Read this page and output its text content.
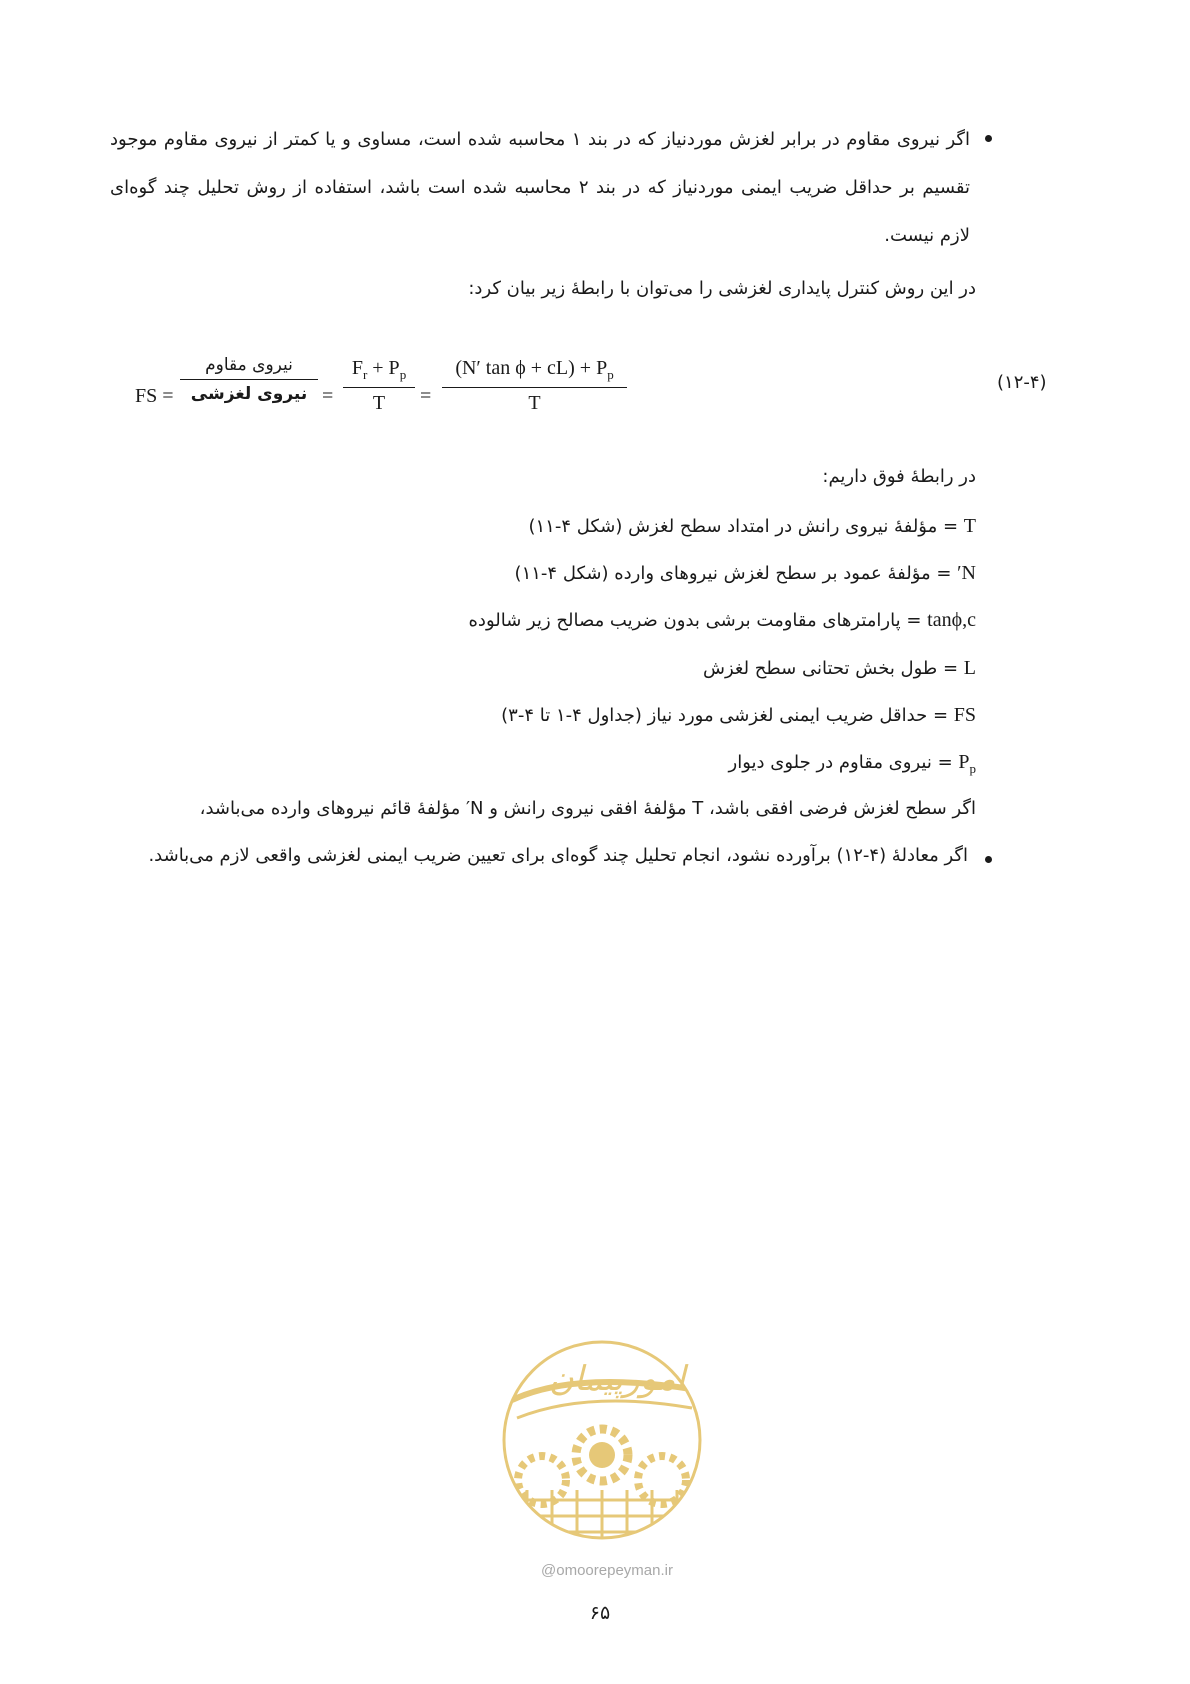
اگر نیروی مقاوم در برابر لغزش موردنیاز که در بند ۱ محاسبه شده است، مساوی و یا کمتر از نیروی مقاوم موجود تقسیم بر حداقل ضریب ایمنی موردنیاز که در بند ۲ محاسبه شده است باشد، استفاده از روش تحلیل چند گوه‌ای لازم نیست.
در این روش کنترل پایداری لغزشی را می‌توان با رابطهٔ زیر بیان کرد:
FS =
نیروی مقاوم
نیروی لغزشی =
$F_r + P_p$
T	=
(N′ $\tan \phi + cL) + P_p$
T
(۱۲-۴)
در رابطهٔ فوق داریم:
T = مؤلفهٔ نیروی رانش در امتداد سطح لغزش (شکل ۴-۱۱)
N′ = مؤلفهٔ عمود بر سطح لغزش نیروهای وارده (شکل ۴-۱۱)
tanϕ,c = پارامترهای مقاومت برشی بدون ضریب مصالح زیر شالوده
L = طول بخش تحتانی سطح لغزش
FS = حداقل ضریب ایمنی لغزشی مورد نیاز (جداول ۴-۱ تا ۴-۳)
$P_p$ = نیروی مقاوم در جلوی دیوار
اگر سطح لغزش فرضی افقی باشد، T مؤلفهٔ افقی نیروی رانش و N′ مؤلفهٔ قائم نیروهای وارده می‌باشد،
اگر معادلهٔ (۴-۱۲) برآورده نشود، انجام تحلیل چند گوه‌ای برای تعیین ضریب ایمنی لغزشی واقعی لازم می‌باشد.
امورپیمان
@omoorepeyman.ir
۶۵
